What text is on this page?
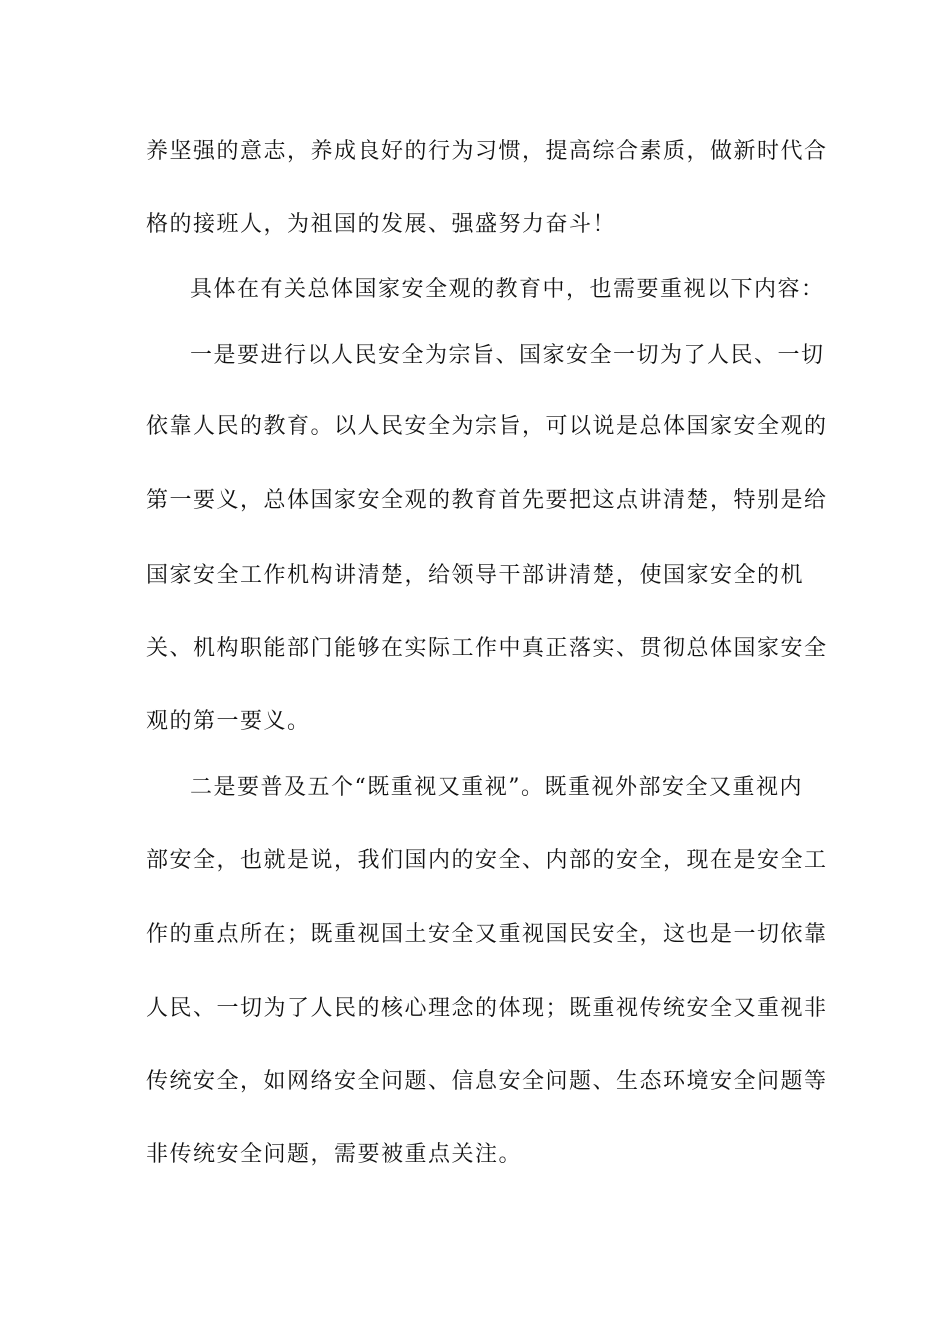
养坚强的意志，养成良好的行为习惯，提高综合素质，做新时代合
格的接班人，为祖国的发展、强盛努力奋斗！
具体在有关总体国家安全观的教育中，也需要重视以下内容：
一是要进行以人民安全为宗旨、国家安全一切为了人民、一切
依靠人民的教育。以人民安全为宗旨，可以说是总体国家安全观的
第一要义，总体国家安全观的教育首先要把这点讲清楚，特别是给
国家安全工作机构讲清楚，给领导干部讲清楚，使国家安全的机
关、机构职能部门能够在实际工作中真正落实、贯彻总体国家安全
观的第一要义。
二是要普及五个“既重视又重视”。既重视外部安全又重视内
部安全，也就是说，我们国内的安全、内部的安全，现在是安全工
作的重点所在；既重视国土安全又重视国民安全，这也是一切依靠
人民、一切为了人民的核心理念的体现；既重视传统安全又重视非
传统安全，如网络安全问题、信息安全问题、生态环境安全问题等
非传统安全问题，需要被重点关注。
